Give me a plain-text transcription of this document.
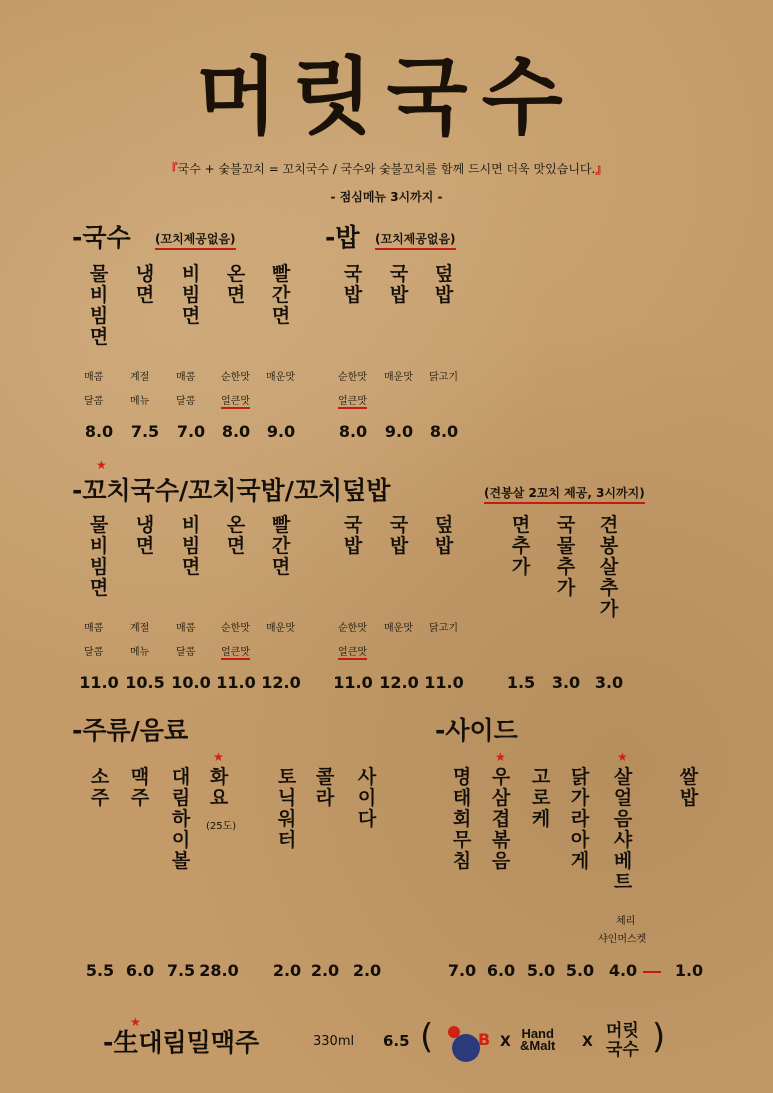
머릿국수
『국수 + 숯불꼬치 = 꼬치국수 / 국수와 숯불꼬치를 함께 드시면 더욱 맛있습니다.』
- 점심메뉴 3시까지 -
-국수 (꼬치제공없음)
물비빔면
매콤
달콤
8.0
냉면
계절
메뉴
7.5
비빔면
매콤
달콤
7.0
온면
순한맛
얼큰맛
8.0
빨간면
매운맛
9.0
-밥 (꼬치제공없음)
국밥
순한맛
얼큰맛
8.0
국밥
매운맛
9.0
덮밥
닭고기
8.0
★
-꼬치국수/꼬치국밥/꼬치덮밥	(견봉살 2꼬치 제공, 3시까지)
물비빔면
매콤
달콤
11.0
냉면
계절
메뉴
10.5
비빔면
매콤
달콤
10.0
온면
순한맛
얼큰맛
11.0
빨간면
매운맛
12.0
국밥
순한맛
얼큰맛
11.0
국밥
매운맛
12.0
덮밥
닭고기
11.0
면추가
1.5
국물추가
3.0
견봉살추가
3.0
-주류/음료
소주
5.5
맥주
6.0
대림하이볼
7.5
★
화요
(25도)
28.0
토닉워터
2.0
콜라
2.0
사이다
2.0
-사이드
명태회무침
7.0
★
우삼겹볶음
6.0
고로케
5.0
닭가라아게
5.0
★
살얼음샤베트
체리
샤인머스켓
4.0
쌀밥
1.0
★
-生대림밀맥주	330ml 6.5 (	B X
Hand
&Malt X
머릿
국수 )
